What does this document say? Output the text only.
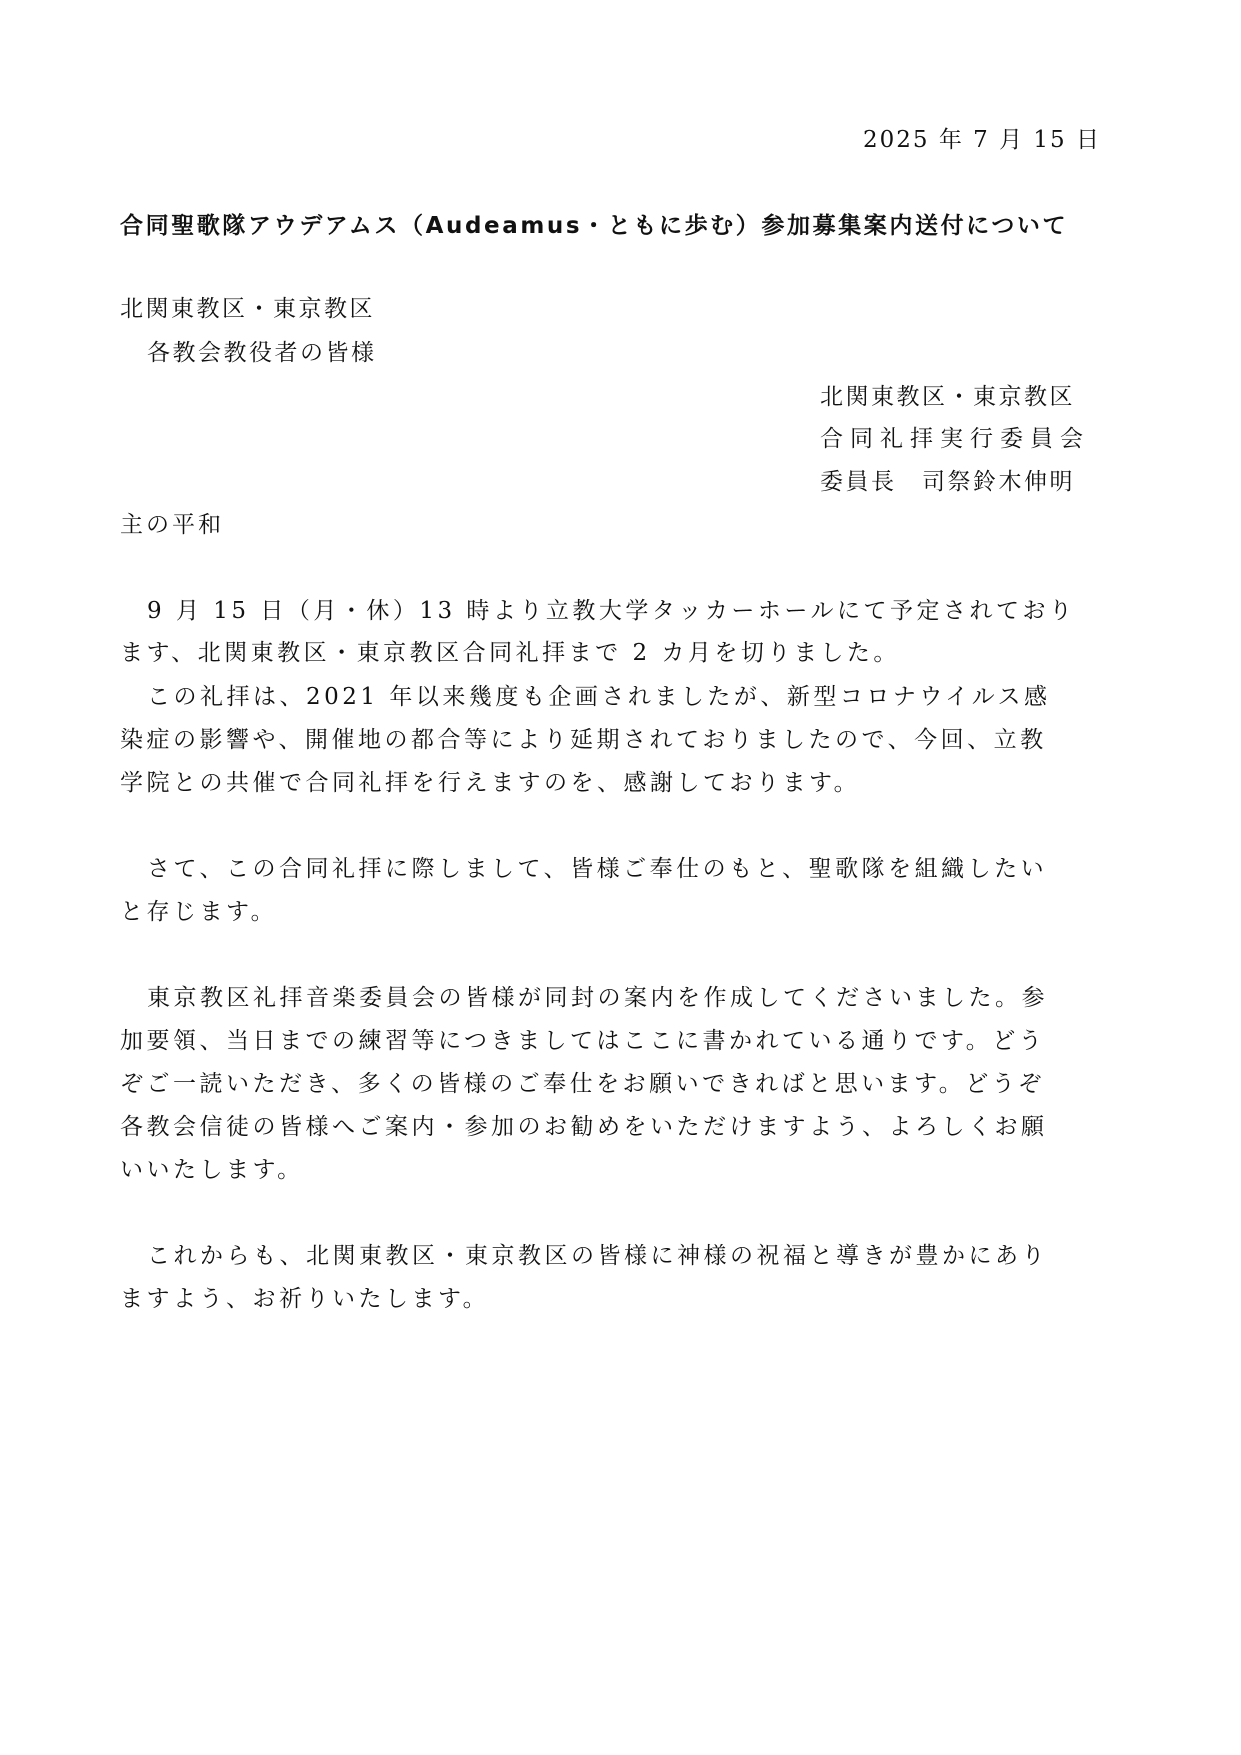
2025 年 7 月 15 日
合同聖歌隊アウデアムス（Audeamus・ともに歩む）参加募集案内送付について
北関東教区・東京教区
各教会教役者の皆様
北関東教区・東京教区
合同礼拝実行委員会
委員長　司祭鈴木伸明
主の平和
9 月 15 日（月・休）13 時より立教大学タッカーホールにて予定されており
ます、北関東教区・東京教区合同礼拝まで 2 カ月を切りました。
この礼拝は、2021 年以来幾度も企画されましたが、新型コロナウイルス感
染症の影響や、開催地の都合等により延期されておりましたので、今回、立教
学院との共催で合同礼拝を行えますのを、感謝しております。
さて、この合同礼拝に際しまして、皆様ご奉仕のもと、聖歌隊を組織したい
と存じます。
東京教区礼拝音楽委員会の皆様が同封の案内を作成してくださいました。参
加要領、当日までの練習等につきましてはここに書かれている通りです。どう
ぞご一読いただき、多くの皆様のご奉仕をお願いできればと思います。どうぞ
各教会信徒の皆様へご案内・参加のお勧めをいただけますよう、よろしくお願
いいたします。
これからも、北関東教区・東京教区の皆様に神様の祝福と導きが豊かにあり
ますよう、お祈りいたします。
